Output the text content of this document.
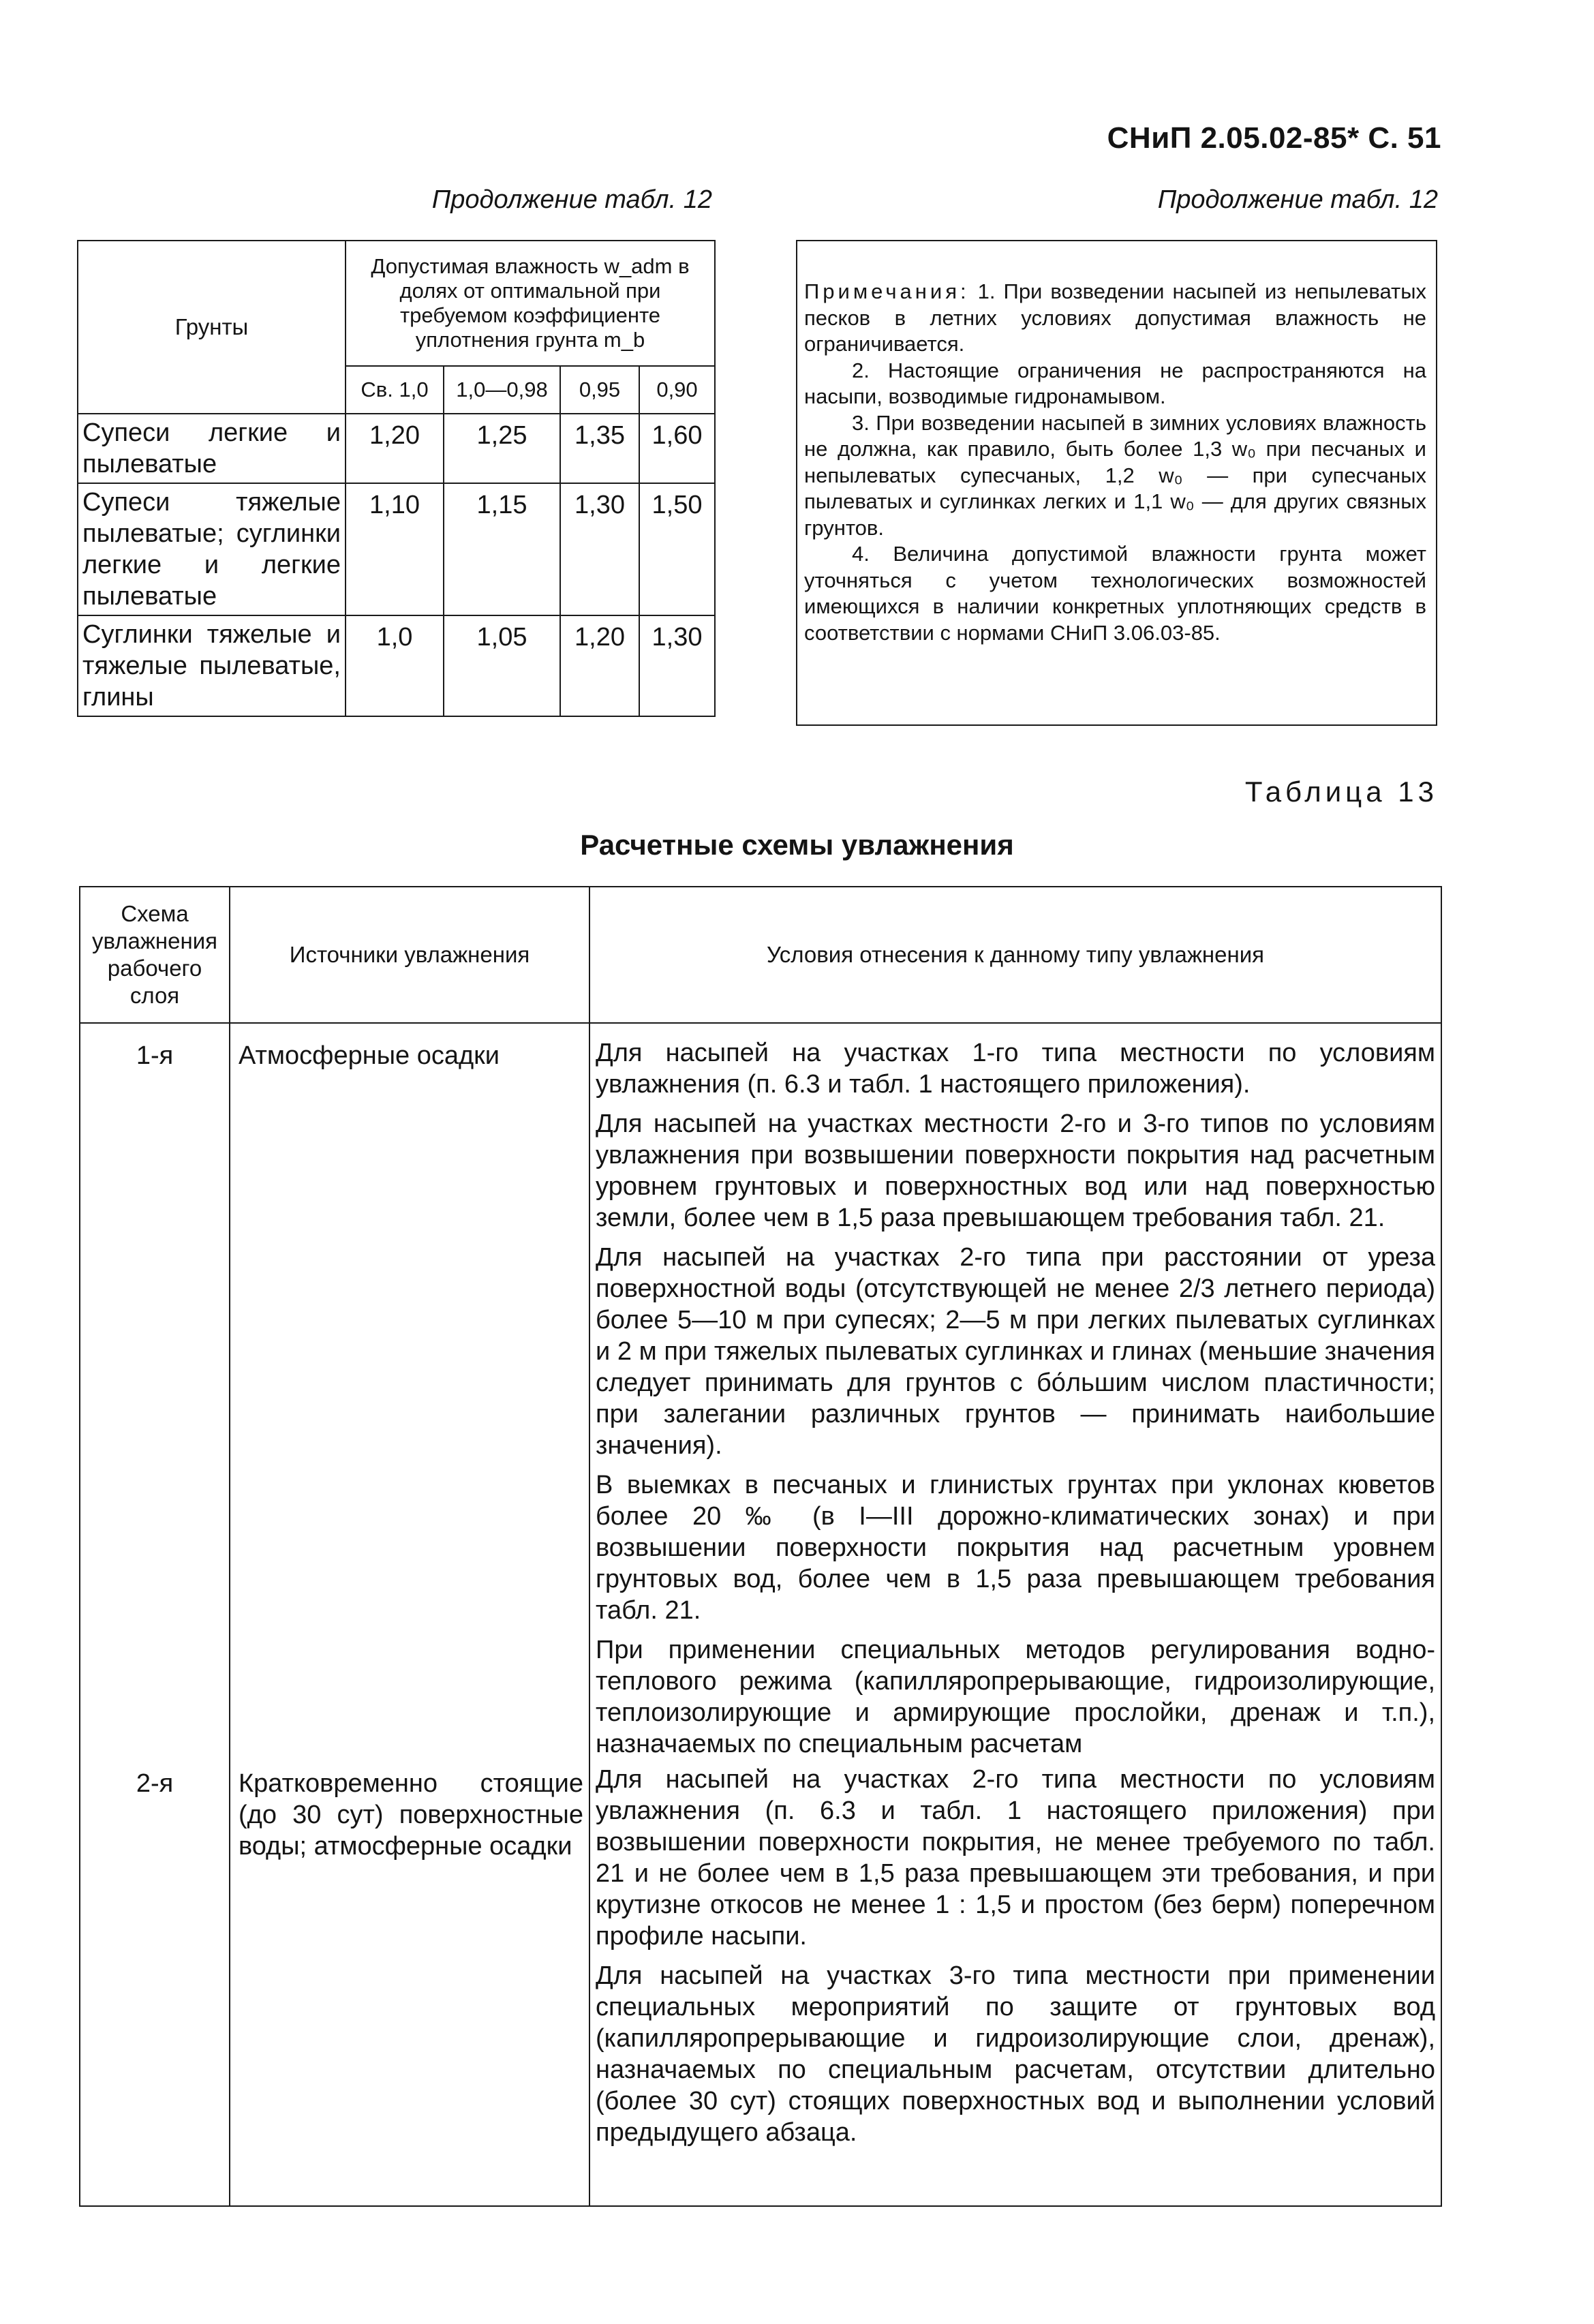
СНиП 2.05.02-85* С. 51
Продолжение табл. 12	Продолжение табл. 12
Грунты	Допустимая влажность w_adm в долях от оптимальной при требуемом коэффициенте уплотнения грунта m_b			
	Св. 1,0	1,0—0,98	0,95	0,90
Супеси легкие и пылеватые	1,20	1,25	1,35	1,60
Супеси тяжелые пылеватые; суглинки легкие и легкие пылеватые	1,10	1,15	1,30	1,50
Суглинки тяжелые и тяжелые пылеватые, глины	1,0	1,05	1,20	1,30

Примечания: 1. При возведении насыпей из непылеватых песков в летних условиях допустимая влажность не ограничивается.

2. Настоящие ограничения не распространяются на насыпи, возводимые гидронамывом.

3. При возведении насыпей в зимних условиях влажность не должна, как правило, быть более 1,3 w₀ при песчаных и непылеватых супесчаных, 1,2 w₀ — при супесчаных пылеватых и суглинках легких и 1,1 w₀ — для других связных грунтов.

4. Величина допустимой влажности грунта может уточняться с учетом технологических возможностей имеющихся в наличии конкретных уплотняющих средств в соответствии с нормами СНиП 3.06.03-85.

Таблица 13
Расчетные схемы увлажнения
Схема увлажнения рабочего слоя	Источники увлажнения	Условия отнесения к данному типу увлажнения
1-я	Атмосферные осадки	Для насыпей на участках 1-го типа местности по условиям увлажнения (п. 6.3 и табл. 1 настоящего приложения).

Для насыпей на участках местности 2-го и 3-го типов по условиям увлажнения при возвышении поверхности покрытия над расчетным уровнем грунтовых и поверхностных вод или над поверхностью земли, более чем в 1,5 раза превышающем требования табл. 21.

Для насыпей на участках 2-го типа при расстоянии от уреза поверхностной воды (отсутствующей не менее 2/3 летнего периода) более 5—10 м при супесях; 2—5 м при легких пылеватых суглинках и 2 м при тяжелых пылеватых суглинках и глинах (меньшие значения следует принимать для грунтов с бо́льшим числом пластичности; при залегании различных грунтов — принимать наибольшие значения).

В выемках в песчаных и глинистых грунтах при уклонах кюветов более 20 ‰ (в I—III дорожно-климатических зонах) и при возвышении поверхности покрытия над расчетным уровнем грунтовых вод, более чем в 1,5 раза превышающем требования табл. 21.

При применении специальных методов регулирования водно-теплового режима (капилляропрерывающие, гидроизолирующие, теплоизолирующие и армирующие прослойки, дренаж и т.п.), назначаемых по специальным расчетам

2-я	Кратковременно стоящие (до 30 сут) поверхностные воды; атмосферные осадки	Для насыпей на участках 2-го типа местности по условиям увлажнения (п. 6.3 и табл. 1 настоящего приложения) при возвышении поверхности покрытия, не менее требуемого по табл. 21 и не более чем в 1,5 раза превышающем эти требования, и при крутизне откосов не менее 1 : 1,5 и простом (без берм) поперечном профиле насыпи.

Для насыпей на участках 3-го типа местности при применении специальных мероприятий по защите от грунтовых вод (капилляропрерывающие и гидроизолирующие слои, дренаж), назначаемых по специальным расчетам, отсутствии длительно (более 30 сут) стоящих поверхностных вод и выполнении условий предыдущего абзаца.
